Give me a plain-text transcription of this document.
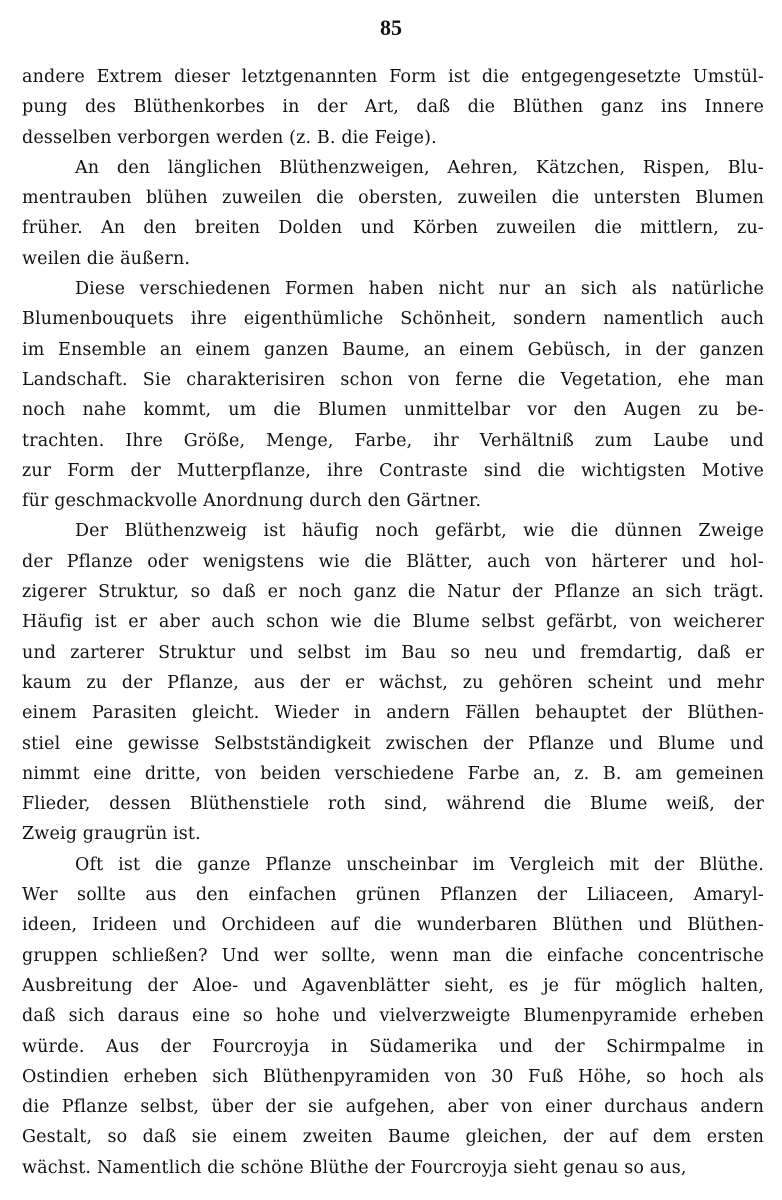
85
andere Extrem dieser letztgenannten Form ist die entgegengesetzte Umstül-
pung des Blüthenkorbes in der Art, daß die Blüthen ganz ins Innere
desselben verborgen werden (z. B. die Feige).
An den länglichen Blüthenzweigen, Aehren, Kätzchen, Rispen, Blu-
mentrauben blühen zuweilen die obersten, zuweilen die untersten Blumen
früher. An den breiten Dolden und Körben zuweilen die mittlern, zu-
weilen die äußern.
Diese verschiedenen Formen haben nicht nur an sich als natürliche
Blumenbouquets ihre eigenthümliche Schönheit, sondern namentlich auch
im Ensemble an einem ganzen Baume, an einem Gebüsch, in der ganzen
Landschaft. Sie charakterisiren schon von ferne die Vegetation, ehe man
noch nahe kommt, um die Blumen unmittelbar vor den Augen zu be-
trachten. Ihre Größe, Menge, Farbe, ihr Verhältniß zum Laube und
zur Form der Mutterpflanze, ihre Contraste sind die wichtigsten Motive
für geschmackvolle Anordnung durch den Gärtner.
Der Blüthenzweig ist häufig noch gefärbt, wie die dünnen Zweige
der Pflanze oder wenigstens wie die Blätter, auch von härterer und hol-
zigerer Struktur, so daß er noch ganz die Natur der Pflanze an sich trägt.
Häufig ist er aber auch schon wie die Blume selbst gefärbt, von weicherer
und zarterer Struktur und selbst im Bau so neu und fremdartig, daß er
kaum zu der Pflanze, aus der er wächst, zu gehören scheint und mehr
einem Parasiten gleicht. Wieder in andern Fällen behauptet der Blüthen-
stiel eine gewisse Selbstständigkeit zwischen der Pflanze und Blume und
nimmt eine dritte, von beiden verschiedene Farbe an, z. B. am gemeinen
Flieder, dessen Blüthenstiele roth sind, während die Blume weiß, der
Zweig graugrün ist.
Oft ist die ganze Pflanze unscheinbar im Vergleich mit der Blüthe.
Wer sollte aus den einfachen grünen Pflanzen der Liliaceen, Amaryl-
ideen, Irideen und Orchideen auf die wunderbaren Blüthen und Blüthen-
gruppen schließen? Und wer sollte, wenn man die einfache concentrische
Ausbreitung der Aloe- und Agavenblätter sieht, es je für möglich halten,
daß sich daraus eine so hohe und vielverzweigte Blumenpyramide erheben
würde. Aus der Fourcroyja in Südamerika und der Schirmpalme in
Ostindien erheben sich Blüthenpyramiden von 30 Fuß Höhe, so hoch als
die Pflanze selbst, über der sie aufgehen, aber von einer durchaus andern
Gestalt, so daß sie einem zweiten Baume gleichen, der auf dem ersten
wächst. Namentlich die schöne Blüthe der Fourcroyja sieht genau so aus,
